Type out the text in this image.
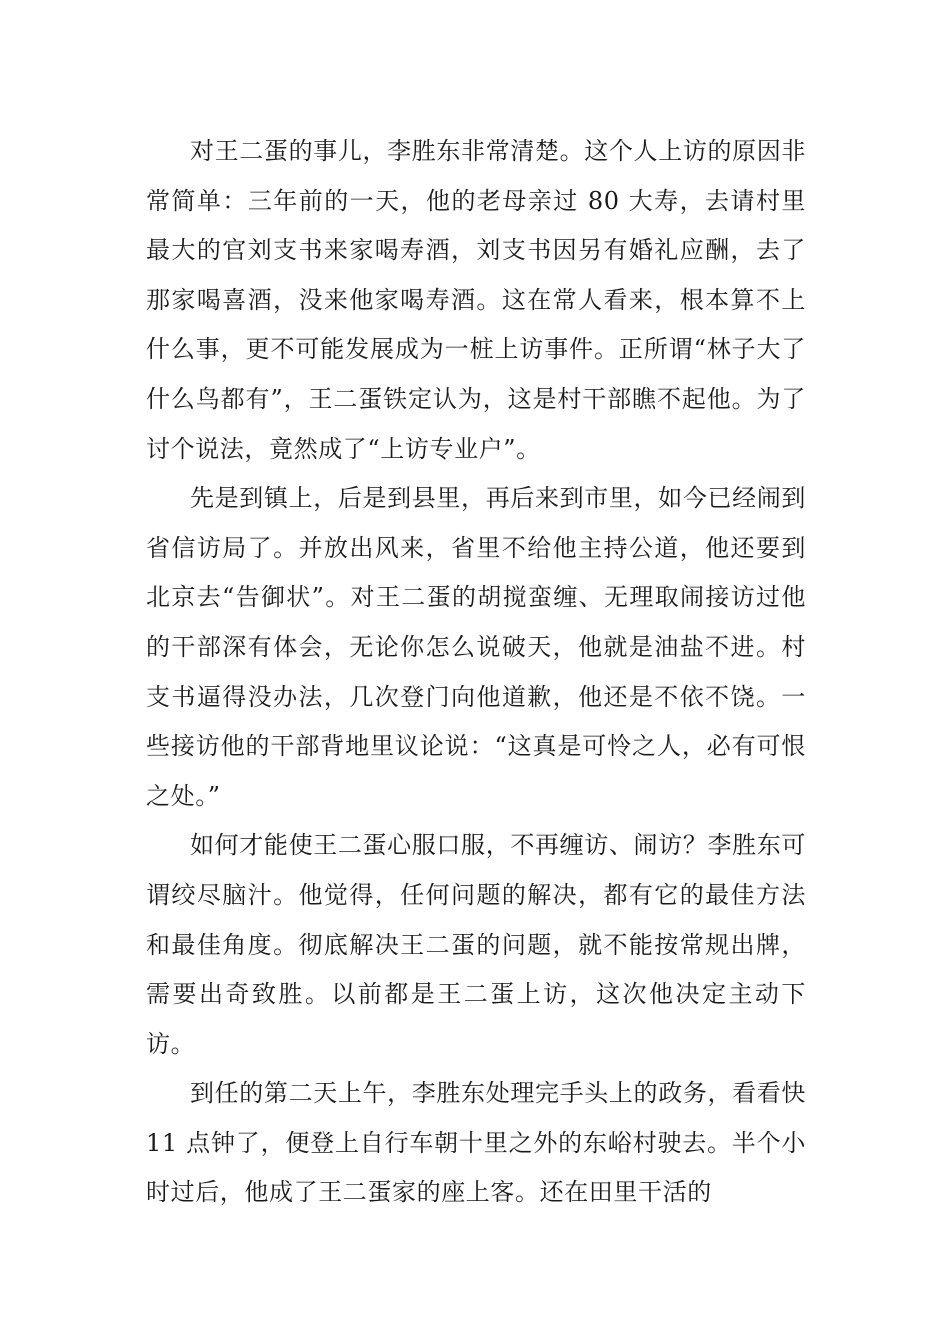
对王二蛋的事儿，李胜东非常清楚。这个人上访的原因非常简单：三年前的一天，他的老母亲过 80 大寿，去请村里最大的官刘支书来家喝寿酒，刘支书因另有婚礼应酬，去了那家喝喜酒，没来他家喝寿酒。这在常人看来，根本算不上什么事，更不可能发展成为一桩上访事件。正所谓“林子大了什么鸟都有”，王二蛋铁定认为，这是村干部瞧不起他。为了讨个说法，竟然成了“上访专业户”。

先是到镇上，后是到县里，再后来到市里，如今已经闹到省信访局了。并放出风来，省里不给他主持公道，他还要到北京去“告御状”。对王二蛋的胡搅蛮缠、无理取闹接访过他的干部深有体会，无论你怎么说破天，他就是油盐不进。村支书逼得没办法，几次登门向他道歉，他还是不依不饶。一些接访他的干部背地里议论说：“这真是可怜之人，必有可恨之处。”

如何才能使王二蛋心服口服，不再缠访、闹访？李胜东可谓绞尽脑汁。他觉得，任何问题的解决，都有它的最佳方法和最佳角度。彻底解决王二蛋的问题，就不能按常规出牌，需要出奇致胜。以前都是王二蛋上访，这次他决定主动下访。

到任的第二天上午，李胜东处理完手头上的政务，看看快 11 点钟了，便登上自行车朝十里之外的东峪村驶去。半个小时过后，他成了王二蛋家的座上客。还在田里干活的
